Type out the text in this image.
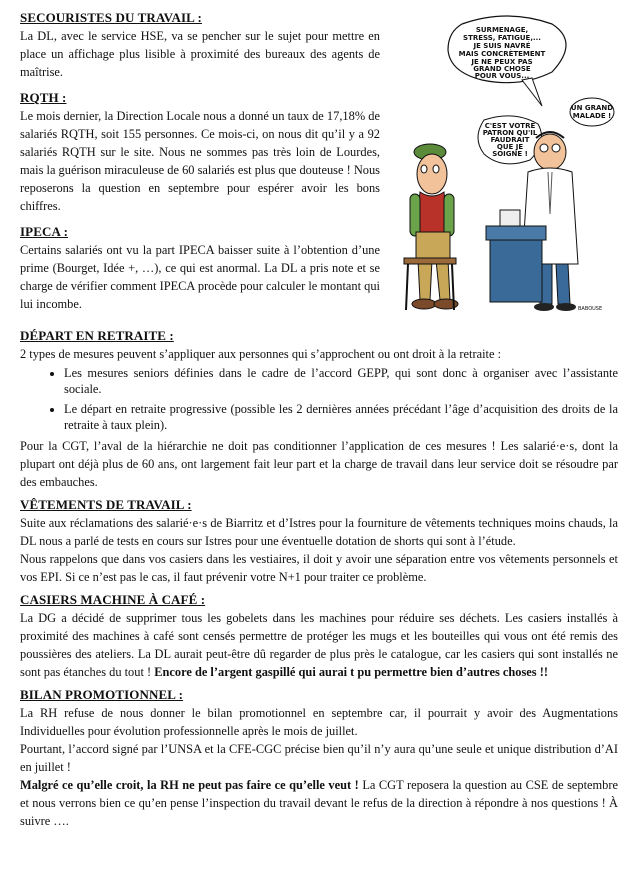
SECOURISTES DU TRAVAIL :

La DL, avec le service HSE, va se pencher sur le sujet pour mettre en place un affichage plus lisible à proximité des bureaux des agents de maîtrise.

RQTH :

Le mois dernier, la Direction Locale nous a donné un taux de 17,18% de salariés RQTH, soit 155 personnes. Ce mois-ci, on nous dit qu’il y a 92 salariés RQTH sur le site. Nous ne sommes pas très loin de Lourdes, mais la guérison miraculeuse de 60 salariés est plus que douteuse ! Nous reposerons la question en septembre pour espérer avoir les bons chiffres.

IPECA :

Certains salariés ont vu la part IPECA baisser suite à l’obtention d’une prime (Bourget, Idée +, …), ce qui est anormal. La DL a pris note et se charge de vérifier comment IPECA procède pour calculer le montant qui lui incombe.

SURMENAGE,
STRESS, FATIGUE,...
JE SUIS NAVRÉ
MAIS CONCRÈTEMENT
JE NE PEUX PAS
GRAND CHOSE
POUR VOUS...
C'EST VOTRE
PATRON QU'IL
FAUDRAIT
QUE JE
SOIGNE !
UN GRAND
MALADE !
BABOUSE

DÉPART EN RETRAITE :

2 types de mesures peuvent s’appliquer aux personnes qui s’approchent ou ont droit à la retraite :

• Les mesures seniors définies dans le cadre de l’accord GEPP, qui sont donc à organiser avec l’assistante sociale.
• Le départ en retraite progressive (possible les 2 dernières années précédant l’âge d’acquisition des droits de la retraite à taux plein).

Pour la CGT, l’aval de la hiérarchie ne doit pas conditionner l’application de ces mesures ! Les salarié·e·s, dont la plupart ont déjà plus de 60 ans, ont largement fait leur part et la charge de travail dans leur service doit se résoudre par des embauches.

VÊTEMENTS DE TRAVAIL :

Suite aux réclamations des salarié·e·s de Biarritz et d’Istres pour la fourniture de vêtements techniques moins chauds, la DL nous a parlé de tests en cours sur Istres pour une éventuelle dotation de shorts qui sont à l’étude.

Nous rappelons que dans vos casiers dans les vestiaires, il doit y avoir une séparation entre vos vêtements personnels et vos EPI. Si ce n’est pas le cas, il faut prévenir votre N+1 pour traiter ce problème.

CASIERS MACHINE À CAFÉ :

La DG a décidé de supprimer tous les gobelets dans les machines pour réduire ses déchets. Les casiers installés à proximité des machines à café sont censés permettre de protéger les mugs et les bouteilles qui vous ont été remis des poussières des ateliers. La DL aurait peut-être dû regarder de plus près le catalogue, car les casiers qui sont installés ne sont pas étanches du tout ! Encore de l’argent gaspillé qui aurai t pu permettre bien d’autres choses !!

BILAN PROMOTIONNEL :

La RH refuse de nous donner le bilan promotionnel en septembre car, il pourrait y avoir des Augmentations Individuelles pour évolution professionnelle après le mois de juillet.

Pourtant, l’accord signé par l’UNSA et la CFE-CGC précise bien qu’il n’y aura qu’une seule et unique distribution d’AI en juillet !

Malgré ce qu’elle croit, la RH ne peut pas faire ce qu’elle veut ! La CGT reposera la question au CSE de septembre et nous verrons bien ce qu’en pense l’inspection du travail devant le refus de la direction à répondre à nos questions ! À suivre ….
